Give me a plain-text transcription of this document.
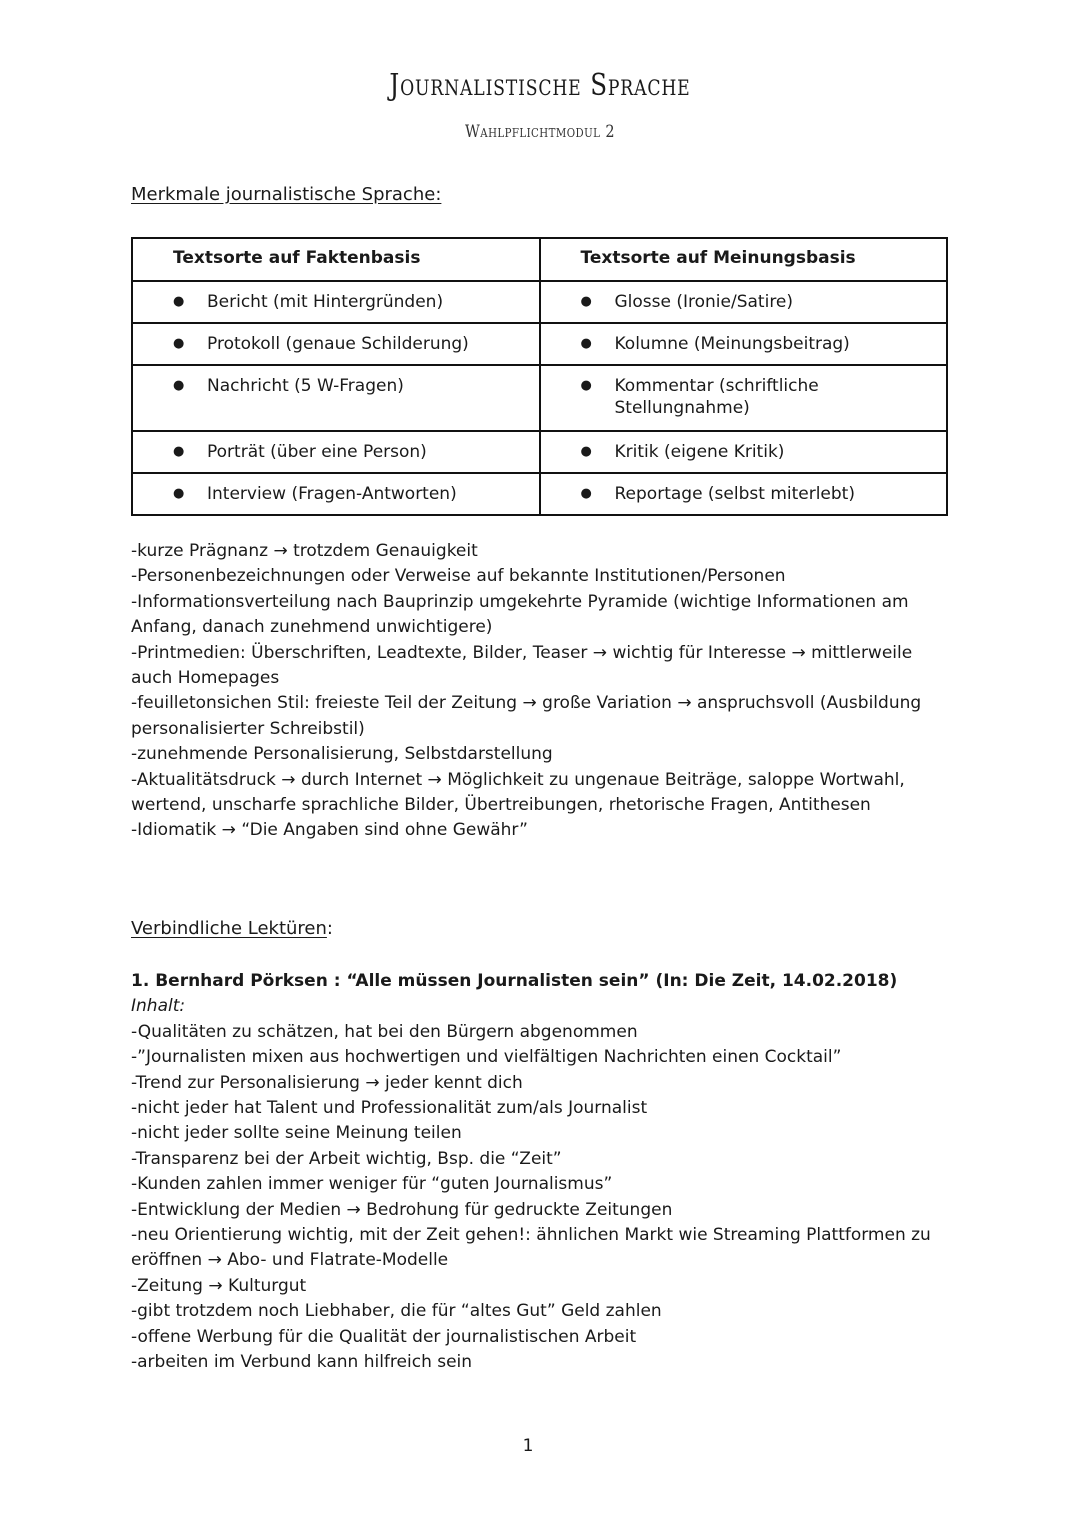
Journalistische Sprache
Wahlpflichtmodul 2
Merkmale journalistische Sprache:
Textsorte auf Faktenbasis	Textsorte auf Meinungsbasis

● Bericht (mit Hintergründen)	● Glosse (Ironie/Satire)

● Protokoll (genaue Schilderung)	● Kolumne (Meinungsbeitrag)

● Nachricht (5 W-Fragen)	● Kommentar (schriftliche Stellungnahme)

● Porträt (über eine Person)	● Kritik (eigene Kritik)

● Interview (Fragen-Antworten)	● Reportage (selbst miterlebt)

-kurze Prägnanz → trotzdem Genauigkeit

-Personenbezeichnungen oder Verweise auf bekannte Institutionen/Personen

-Informationsverteilung nach Bauprinzip umgekehrte Pyramide (wichtige Informationen am Anfang, danach zunehmend unwichtigere)

-Printmedien: Überschriften, Leadtexte, Bilder, Teaser → wichtig für Interesse → mittlerweile auch Homepages

-feuilletonsichen Stil: freieste Teil der Zeitung → große Variation → anspruchsvoll (Ausbildung personalisierter Schreibstil)

-zunehmende Personalisierung, Selbstdarstellung

-Aktualitätsdruck → durch Internet → Möglichkeit zu ungenaue Beiträge, saloppe Wortwahl, wertend, unscharfe sprachliche Bilder, Übertreibungen, rhetorische Fragen, Antithesen

-Idiomatik → “Die Angaben sind ohne Gewähr”

Verbindliche Lektüren:

1. Bernhard Pörksen : “Alle müssen Journalisten sein” (In: Die Zeit, 14.02.2018)

Inhalt:

-Qualitäten zu schätzen, hat bei den Bürgern abgenommen

-”Journalisten mixen aus hochwertigen und vielfältigen Nachrichten einen Cocktail”

-Trend zur Personalisierung → jeder kennt dich

-nicht jeder hat Talent und Professionalität zum/als Journalist

-nicht jeder sollte seine Meinung teilen

-Transparenz bei der Arbeit wichtig, Bsp. die “Zeit”

-Kunden zahlen immer weniger für “guten Journalismus”

-Entwicklung der Medien → Bedrohung für gedruckte Zeitungen

-neu Orientierung wichtig, mit der Zeit gehen!: ähnlichen Markt wie Streaming Plattformen zu eröffnen → Abo- und Flatrate-Modelle

-Zeitung → Kulturgut

-gibt trotzdem noch Liebhaber, die für “altes Gut” Geld zahlen

-offene Werbung für die Qualität der journalistischen Arbeit

-arbeiten im Verbund kann hilfreich sein

1
